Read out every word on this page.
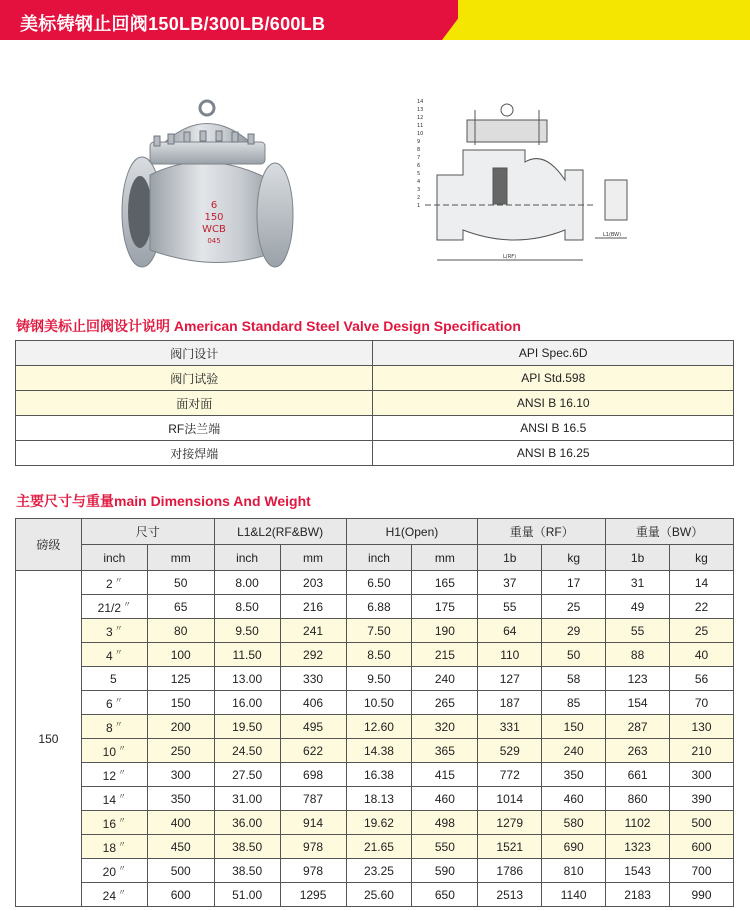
美标铸钢止回阀150LB/300LB/600LB
6
150
WCB
045
14
13
12
11
10
9
8
7
6
5
4
3
2
1
L(RF)
L1(BW)
铸钢美标止回阀设计说明 American Standard Steel Valve Design Specification
阀门设计	API Spec.6D
阀门试验	API Std.598
面对面	ANSI B 16.10
RF法兰端	ANSI B 16.5
对接焊端	ANSI B 16.25
主要尺寸与重量main Dimensions And Weight
磅级	尺寸		L1&L2(RF&BW)		H1(Open)		重量（RF）		重量（BW）	
	inch	mm	inch	mm	inch	mm	1b	kg	1b	kg
150	2 〃	50	8.00	203	6.50	165	37	17	31	14
	21/2 〃	65	8.50	216	6.88	175	55	25	49	22
	3 〃	80	9.50	241	7.50	190	64	29	55	25
	4 〃	100	11.50	292	8.50	215	110	50	88	40
	5	125	13.00	330	9.50	240	127	58	123	56
	6 〃	150	16.00	406	10.50	265	187	85	154	70
	8 〃	200	19.50	495	12.60	320	331	150	287	130
	10 〃	250	24.50	622	14.38	365	529	240	263	210
	12 〃	300	27.50	698	16.38	415	772	350	661	300
	14 〃	350	31.00	787	18.13	460	1014	460	860	390
	16 〃	400	36.00	914	19.62	498	1279	580	1102	500
	18 〃	450	38.50	978	21.65	550	1521	690	1323	600
	20 〃	500	38.50	978	23.25	590	1786	810	1543	700
	24 〃	600	51.00	1295	25.60	650	2513	1140	2183	990
